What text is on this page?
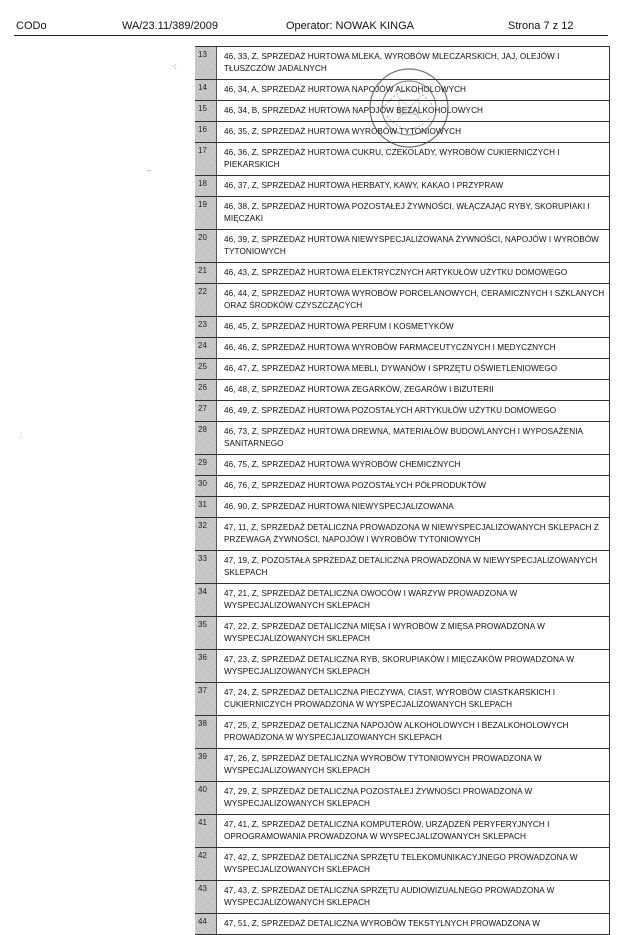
CODo	WA/23.11/389/2009	Operator: NOWAK KINGA	Strona 7 z 12
·:
·-
:
13	46, 33, Z, SPRZEDAŻ HURTOWA MLEKA, WYROBÓW MLECZARSKICH, JAJ, OLEJÓW I TŁUSZCZÓW JADALNYCH
14	46, 34, A, SPRZEDAŻ HURTOWA NAPOJÓW ALKOHOLOWYCH
15	46, 34, B, SPRZEDAŻ HURTOWA NAPOJÓW BEZALKOHOLOWYCH
16	46, 35, Z, SPRZEDAŻ HURTOWA WYROBÓW TYTONIOWYCH
17	46, 36, Z, SPRZEDAŻ HURTOWA CUKRU, CZEKOLADY, WYROBÓW CUKIERNICZYCH I PIEKARSKICH
18	46, 37, Z, SPRZEDAŻ HURTOWA HERBATY, KAWY, KAKAO I PRZYPRAW
19	46, 38, Z, SPRZEDAŻ HURTOWA POZOSTAŁEJ ŻYWNOŚCI, WŁĄCZAJĄC RYBY, SKORUPIAKI I MIĘCZAKI
20	46, 39, Z, SPRZEDAŻ HURTOWA NIEWYSPECJALIZOWANA ŻYWNOŚCI, NAPOJÓW I WYROBÓW TYTONIOWYCH
21	46, 43, Z, SPRZEDAŻ HURTOWA ELEKTRYCZNYCH ARTYKUŁÓW UŻYTKU DOMOWEGO
22	46, 44, Z, SPRZEDAŻ HURTOWA WYROBÓW PORCELANOWYCH, CERAMICZNYCH I SZKLANYCH ORAZ ŚRODKÓW CZYSZCZĄCYCH
23	46, 45, Z, SPRZEDAŻ HURTOWA PERFUM I KOSMETYKÓW
24	46, 46, Z, SPRZEDAŻ HURTOWA WYROBÓW FARMACEUTYCZNYCH I MEDYCZNYCH
25	46, 47, Z, SPRZEDAŻ HURTOWA MEBLI, DYWANÓW I SPRZĘTU OŚWIETLENIOWEGO
26	46, 48, Z, SPRZEDAŻ HURTOWA ZEGARKÓW, ZEGARÓW I BIŻUTERII
27	46, 49, Z, SPRZEDAŻ HURTOWA POZOSTAŁYCH ARTYKUŁÓW UŻYTKU DOMOWEGO
28	46, 73, Z, SPRZEDAŻ HURTOWA DREWNA, MATERIAŁÓW BUDOWLANYCH I WYPOSAŻENIA SANITARNEGO
29	46, 75, Z, SPRZEDAŻ HURTOWA WYROBÓW CHEMICZNYCH
30	46, 76, Z, SPRZEDAŻ HURTOWA POZOSTAŁYCH PÓŁPRODUKTÓW
31	46, 90, Z, SPRZEDAŻ HURTOWA NIEWYSPECJALIZOWANA
32	47, 11, Z, SPRZEDAŻ DETALICZNA PROWADZONA W NIEWYSPECJALIZOWANYCH SKLEPACH Z PRZEWAGĄ ŻYWNOŚCI, NAPOJÓW I WYROBÓW TYTONIOWYCH
33	47, 19, Z, POZOSTAŁA SPRZEDAŻ DETALICZNA PROWADZONA W NIEWYSPECJALIZOWANYCH SKLEPACH
34	47, 21, Z, SPRZEDAŻ DETALICZNA OWOCÓW I WARZYW PROWADZONA W WYSPECJALIZOWANYCH SKLEPACH
35	47, 22, Z, SPRZEDAŻ DETALICZNA MIĘSA I WYROBÓW Z MIĘSA PROWADZONA W WYSPECJALIZOWANYCH SKLEPACH
36	47, 23, Z, SPRZEDAŻ DETALICZNA RYB, SKORUPIAKÓW I MIĘCZAKÓW PROWADZONA W WYSPECJALIZOWANYCH SKLEPACH
37	47, 24, Z, SPRZEDAŻ DETALICZNA PIECZYWA, CIAST, WYROBÓW CIASTKARSKICH I CUKIERNICZYCH PROWADZONA W WYSPECJALIZOWANYCH SKLEPACH
38	47, 25, Z, SPRZEDAŻ DETALICZNA NAPOJÓW ALKOHOLOWYCH I BEZALKOHOLOWYCH PROWADZONA W WYSPECJALIZOWANYCH SKLEPACH
39	47, 26, Z, SPRZEDAŻ DETALICZNA WYROBÓW TYTONIOWYCH PROWADZONA W WYSPECJALIZOWANYCH SKLEPACH
40	47, 29, Z, SPRZEDAŻ DETALICZNA POZOSTAŁEJ ŻYWNOŚCI PROWADZONA W WYSPECJALIZOWANYCH SKLEPACH
41	47, 41, Z, SPRZEDAŻ DETALICZNA KOMPUTERÓW, URZĄDZEŃ PERYFERYJNYCH I OPROGRAMOWANIA PROWADZONA W WYSPECJALIZOWANYCH SKLEPACH
42	47, 42, Z, SPRZEDAŻ DETALICZNA SPRZĘTU TELEKOMUNIKACYJNEGO PROWADZONA W WYSPECJALIZOWANYCH SKLEPACH
43	47, 43, Z, SPRZEDAŻ DETALICZNA SPRZĘTU AUDIOWIZUALNEGO PROWADZONA W WYSPECJALIZOWANYCH SKLEPACH
44	47, 51, Z, SPRZEDAŻ DETALICZNA WYROBÓW TEKSTYLNYCH PROWADZONA W
